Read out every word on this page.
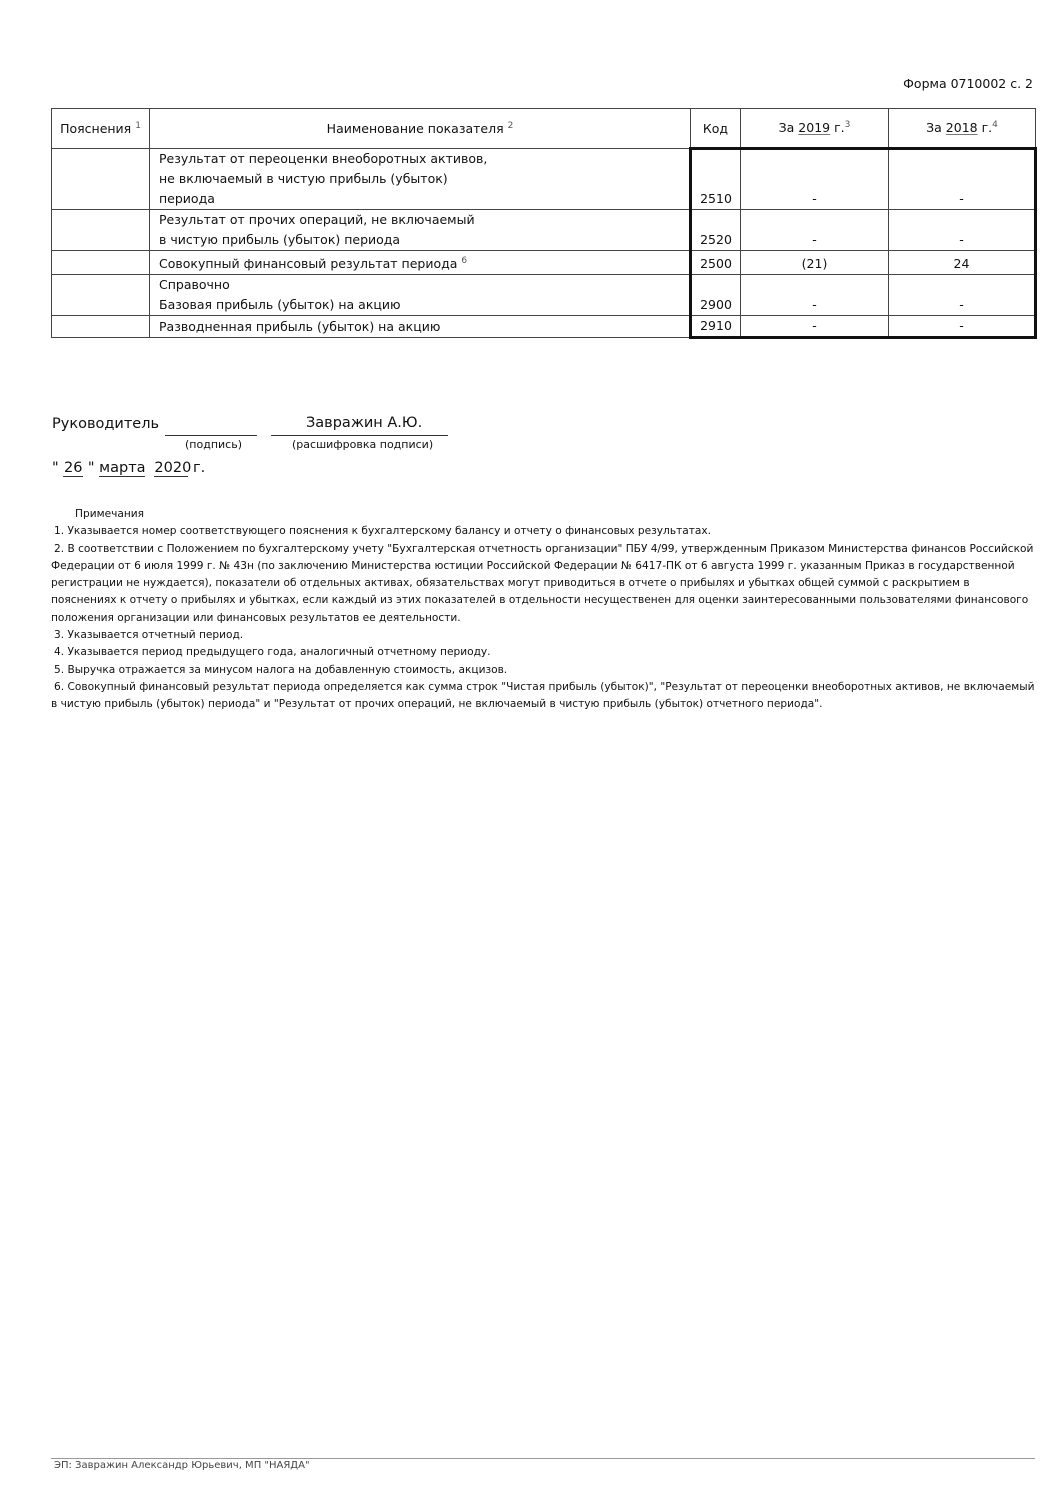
Форма 0710002 с. 2
Пояснения $^1$	Наименование показателя $^2$	Код	За 2019 г.$^3$	За 2018 г.$^4$

	Результат от переоценки внеоборотных активов,
не включаемый в чистую прибыль (убыток)
периода	2510	-	-

	Результат от прочих операций, не включаемый
в чистую прибыль (убыток) периода	2520	-	-
	Совокупный финансовый результат периода $^6$	2500	(21)	24

	Справочно
Базовая прибыль (убыток) на акцию	2900	-	-

	Разводненная прибыль (убыток) на акцию	2910	-	-
Руководитель
(подпись)
Завражин А.Ю.
(расшифровка подписи)
" 26 " марта 2020 г.
Примечания

1. Указывается номер соответствующего пояснения к бухгалтерскому балансу и отчету о финансовых результатах.

2. В соответствии с Положением по бухгалтерскому учету "Бухгалтерская отчетность организации" ПБУ 4/99, утвержденным Приказом Министерства финансов Российской Федерации от 6 июля 1999 г. № 43н (по заключению Министерства юстиции Российской Федерации № 6417-ПК от 6 августа 1999 г. указанным Приказ в государственной регистрации не нуждается), показатели об отдельных активах, обязательствах могут приводиться в отчете о прибылях и убытках общей суммой с раскрытием в пояснениях к отчету о прибылях и убытках, если каждый из этих показателей в отдельности несущественен для оценки заинтересованными пользователями финансового положения организации или финансовых результатов ее деятельности.

3. Указывается отчетный период.

4. Указывается период предыдущего года, аналогичный отчетному периоду.

5. Выручка отражается за минусом налога на добавленную стоимость, акцизов.

6. Совокупный финансовый результат периода определяется как сумма строк "Чистая прибыль (убыток)", "Результат от переоценки внеоборотных активов, не включаемый в чистую прибыль (убыток) периода" и "Результат от прочих операций, не включаемый в чистую прибыль (убыток) отчетного периода".

ЭП: Завражин Александр Юрьевич, МП "НАЯДА"
